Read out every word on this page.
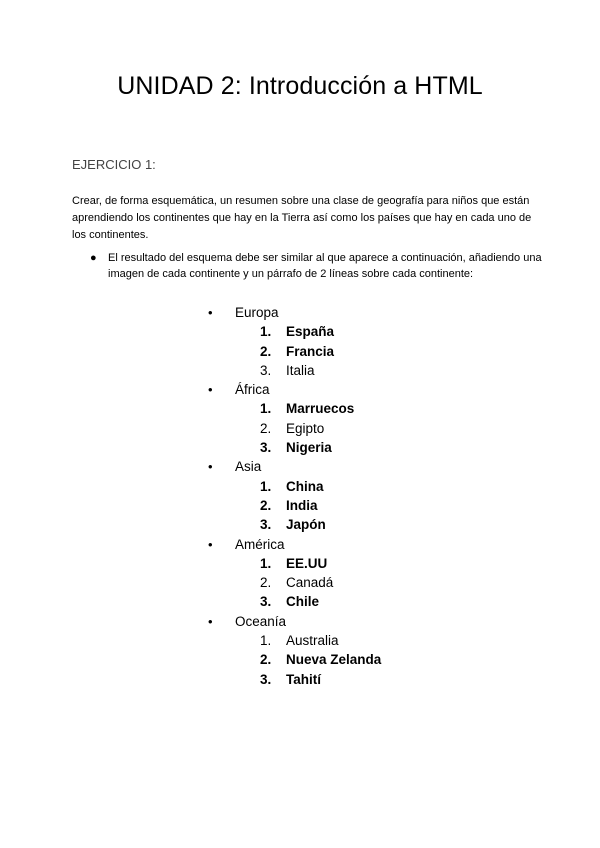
UNIDAD 2: Introducción a HTML
EJERCICIO 1:

Crear, de forma esquemática, un resumen sobre una clase de geografía para niños que están aprendiendo los continentes que hay en la Tierra así como los países que hay en cada uno de los continentes.

● El resultado del esquema debe ser similar al que aparece a continuación, añadiendo una imagen de cada continente y un párrafo de 2 líneas sobre cada continente:
• Europa
1.	España
2.	Francia
3.	Italia
• África
1.	Marruecos
2.	Egipto
3.	Nigeria
• Asia
1.	China
2.	India
3.	Japón
• América
1.	EE.UU
2.	Canadá
3.	Chile
• Oceanía
1.	Australia
2.	Nueva Zelanda
3.	Tahití
